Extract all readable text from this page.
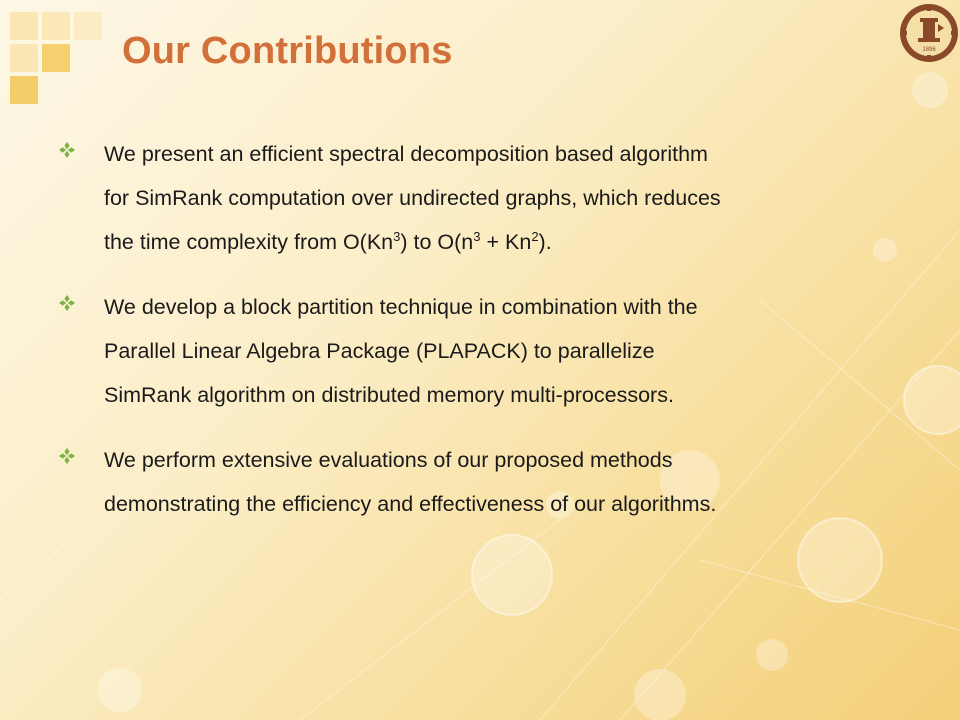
Our Contributions	1896

We present an efficient spectral decomposition based algorithm
for SimRank computation over undirected graphs, which reduces
the time complexity from O(Kn$^3$) to $O(n^3 + Kn^2)$.

We develop a block partition technique in combination with the
Parallel Linear Algebra Package (PLAPACK) to parallelize
SimRank algorithm on distributed memory multi-processors.

We perform extensive evaluations of our proposed methods
demonstrating the efficiency and effectiveness of our algorithms.
